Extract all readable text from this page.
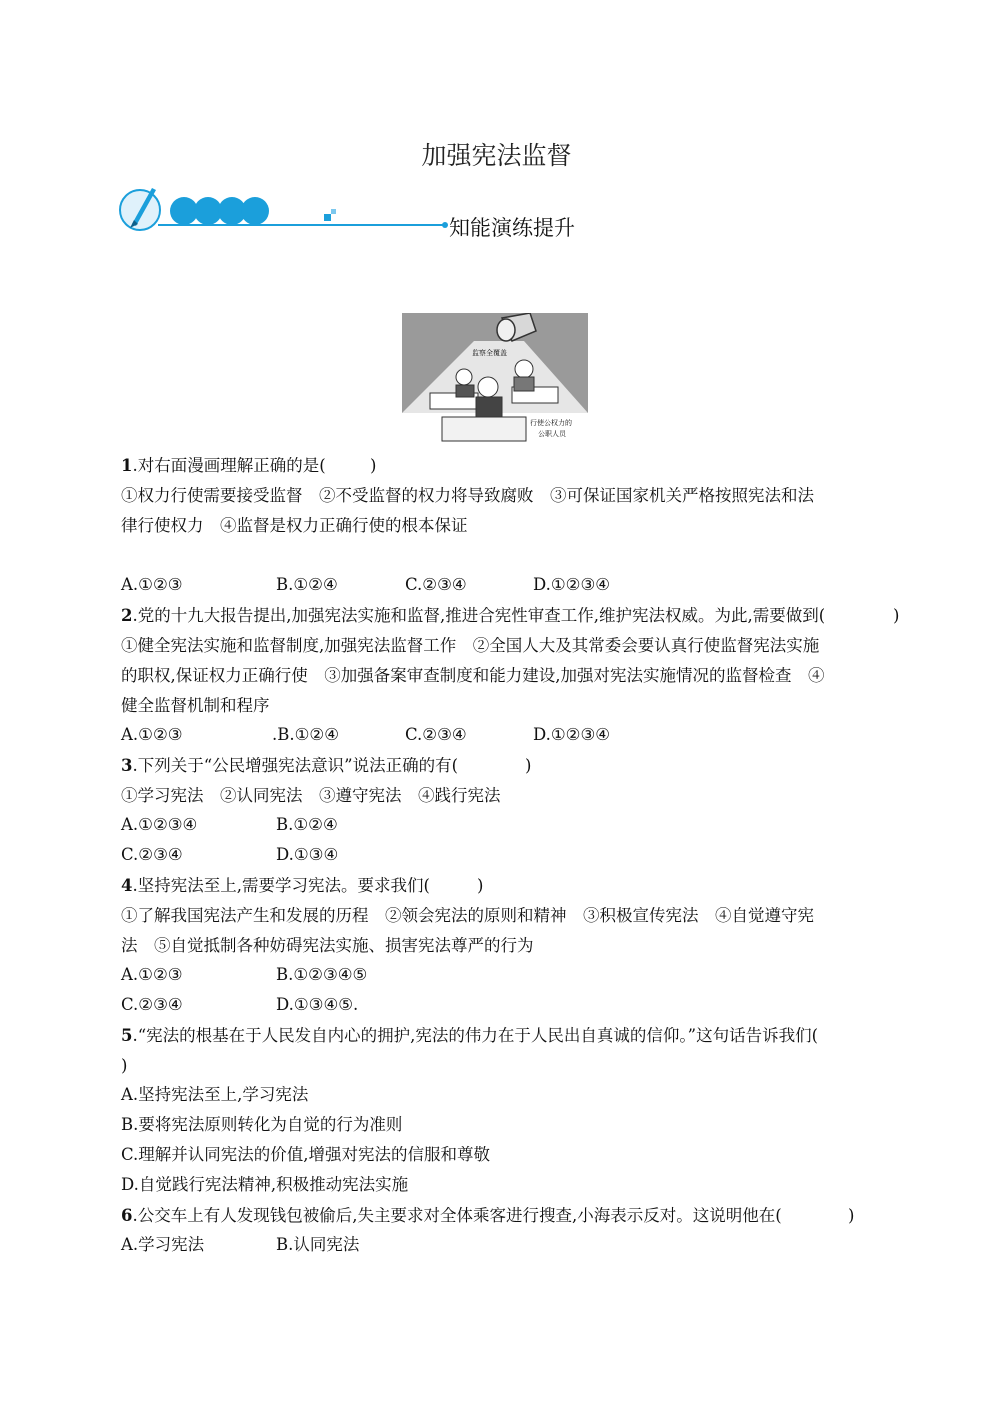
加强宪法监督
知能演练提升
监察全覆盖
行使公权力的
公职人员
1.对右面漫画理解正确的是(	)
①权力行使需要接受监督　②不受监督的权力将导致腐败　③可保证国家机关严格按照宪法和法
律行使权力　④监督是权力正确行使的根本保证
A.①②③	B.①②④	C.②③④	D.①②③④
2.党的十九大报告提出,加强宪法实施和监督,推进合宪性审查工作,维护宪法权威。为此,需要做到(	)
①健全宪法实施和监督制度,加强宪法监督工作　②全国人大及其常委会要认真行使监督宪法实施
的职权,保证权力正确行使　③加强备案审查制度和能力建设,加强对宪法实施情况的监督检查　④
健全监督机制和程序
A.①②③	.B.①②④	C.②③④	D.①②③④
3.下列关于“公民增强宪法意识”说法正确的有(	)
①学习宪法　②认同宪法　③遵守宪法　④践行宪法
A.①②③④	B.①②④
C.②③④	D.①③④
4.坚持宪法至上,需要学习宪法。要求我们(	)
①了解我国宪法产生和发展的历程　②领会宪法的原则和精神　③积极宣传宪法　④自觉遵守宪
法　⑤自觉抵制各种妨碍宪法实施、损害宪法尊严的行为
A.①②③	B.①②③④⑤
C.②③④	D.①③④⑤.
5.“宪法的根基在于人民发自内心的拥护,宪法的伟力在于人民出自真诚的信仰。”这句话告诉我们(
)
A.坚持宪法至上,学习宪法
B.要将宪法原则转化为自觉的行为准则
C.理解并认同宪法的价值,增强对宪法的信服和尊敬
D.自觉践行宪法精神,积极推动宪法实施
6.公交车上有人发现钱包被偷后,失主要求对全体乘客进行搜查,小海表示反对。这说明他在(	)
A.学习宪法	B.认同宪法
